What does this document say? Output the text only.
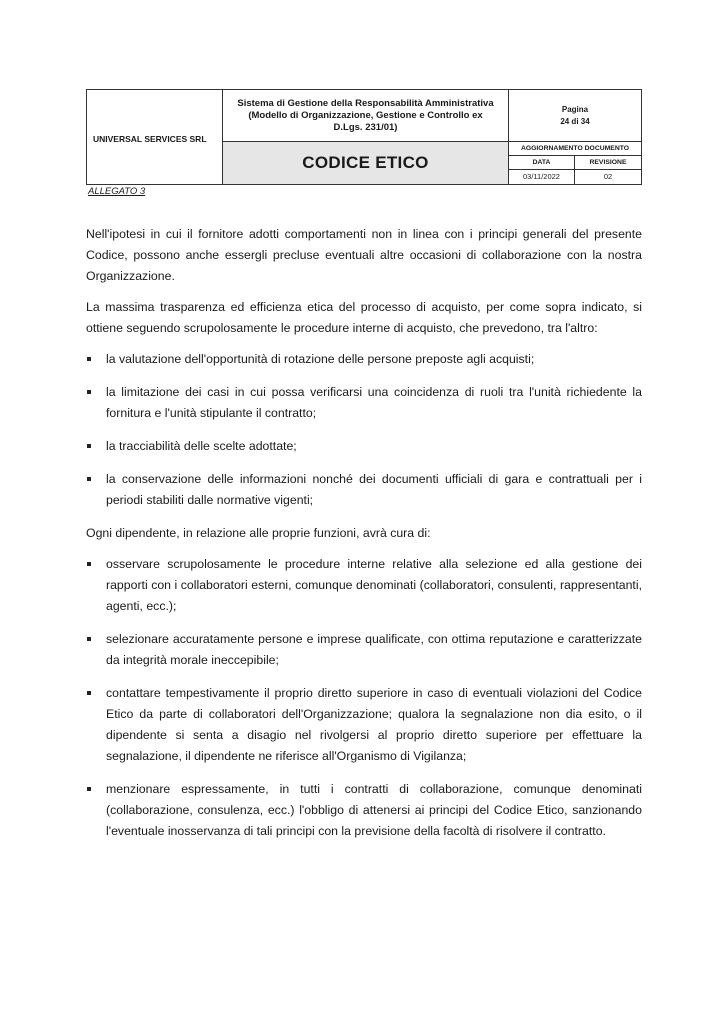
UNIVERSAL SERVICES SRL
Sistema di Gestione della Responsabilità Amministrativa
(Modello di Organizzazione, Gestione e Controllo ex D.Lgs. 231/01)
Pagina
24 di 34
CODICE ETICO
AGGIORNAMENTO DOCUMENTO
DATA	REVISIONE
03/11/2022	02
ALLEGATO 3

Nell'ipotesi in cui il fornitore adotti comportamenti non in linea con i principi generali del presente Codice, possono anche essergli precluse eventuali altre occasioni di collaborazione con la nostra Organizzazione.

La massima trasparenza ed efficienza etica del processo di acquisto, per come sopra indicato, si ottiene seguendo scrupolosamente le procedure interne di acquisto, che prevedono, tra l'altro:

la valutazione dell'opportunità di rotazione delle persone preposte agli acquisti;
la limitazione dei casi in cui possa verificarsi una coincidenza di ruoli tra l'unità richiedente la fornitura e l'unità stipulante il contratto;
la tracciabilità delle scelte adottate;
la conservazione delle informazioni nonché dei documenti ufficiali di gara e contrattuali per i periodi stabiliti dalle normative vigenti;

Ogni dipendente, in relazione alle proprie funzioni, avrà cura di:

osservare scrupolosamente le procedure interne relative alla selezione ed alla gestione dei rapporti con i collaboratori esterni, comunque denominati (collaboratori, consulenti, rappresentanti, agenti, ecc.);
selezionare accuratamente persone e imprese qualificate, con ottima reputazione e caratterizzate da integrità morale ineccepibile;
contattare tempestivamente il proprio diretto superiore in caso di eventuali violazioni del Codice Etico da parte di collaboratori dell'Organizzazione; qualora la segnalazione non dia esito, o il dipendente si senta a disagio nel rivolgersi al proprio diretto superiore per effettuare la segnalazione, il dipendente ne riferisce all'Organismo di Vigilanza;
menzionare espressamente, in tutti i contratti di collaborazione, comunque denominati (collaborazione, consulenza, ecc.) l'obbligo di attenersi ai principi del Codice Etico, sanzionando l'eventuale inosservanza di tali principi con la previsione della facoltà di risolvere il contratto.
